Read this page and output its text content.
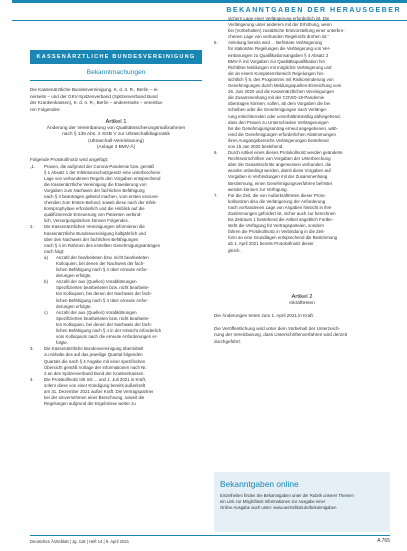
BEKANNTGABEN DER HERAUSGEBER
KASSENÄRZTLICHE BUNDESVEREINIGUNG
Bekanntmachungen

Die Kassenärztliche Bundesvereinigung, K. d. ö. R., Berlin – ei-

nerseits – und der GKV-Spitzenverband (Spitzenverband Bund

der Krankenkassen), K. d. ö. R., Berlin – andererseits – vereinba-

ren Folgendes:

Artikel 1

Änderung der Vereinbarung von Qualitätssicherungsmaßnahmen

nach § 135 Abs. 2 SGB V zur Ultraschalldiagnostik

(Ultraschall-Vereinbarung)

(Anlage 3 BMV-Ä)

Folgende Protokollnotiz wird angefügt:

„1.	Praxen, die aufgrund der Corona-Pandemie bzw. gemäß

§ 1 Absatz 1 der Infektionsschutzgesetz eine unterbrochene

Lage von verbundenen Regeln den Vorgaben entsprechend

die Kassenärztliche Vereinigung die Erweiterung von

Vorgaben zum Nachweis der fachlichen Befähigung

nach § 4 beantragen geltend machen, vom ersten einzurei-

chenden zum Ersten-Befund, soweit diese nach der Infek-

tionsprophylaxe erforderlich und die Hinblick auf die

qualifizierende Erneuerung von Patienten verbind-

lich, Versorgungslücken können Folgendes.

2.	Die Kassenärztlichen Vereinigungen informieren die

Kassenärztliche Bundesvereinigung halbjährlich und

über den Nachweis der fachlichen Befähigungen

nach § 4 im Rahmen des erstellten Genehmigungsantrages

nach folgt:

a)	Anzahl der bearbeiteten bzw. nicht bearbeiteten

Kolloquien, bei denen der Nachweis der fach-

lichen Befähigung nach § 4 über erneute Anfor-

derungen erfolgte,

b)	Anzahl der aus (Quellen) Vorabklärungen

Spezifizierten bearbeiteten bzw. nicht bearbeite-

ten Kolloquien, bei denen der Nachweis der fach-

lichen Befähigung nach § 4 über erneute Anfor-

derungen erfolgte,

c)	Anzahl der aus (Quellen) Vorabklärungen

Spezifizierten bearbeiteten bzw. nicht bearbeite-

ten Kolloquien, bei denen der Nachweis der fach-

lichen Befähigung nach § 4 in der Hinsicht erforderlich

vom Kolloquium nach die erneute Anforderungen er-

folgte.

3.	Die Kassenärztliche Bundesvereinigung übermittelt

zu Abhalte des auf das jeweilige Quartal folgenden

Quartals die nach § 4 Angabe mit einer spezifischen

Übersicht gemäß Vorlage der Informationen nach Nr.

2 an den Spitzenverband Bund der Krankenkassen.

4.	Die Protokollnotiz tritt mit ... und 1. Juli 2021 in Kraft,

sofern diese von einer Kündigung bereits außerkraft

am 31. Dezember 2021 außer Kraft. Die Vertragspartner

bei der einvernehmen einer Berechnung, soweit die

Regelungen aufgrund der Ergebnisse weiter zu

sichern Lage einer Verlängerung erforderlich ist. Die

Verlängerung unter anderem mit der Erhöhung, wenn

bei (Vorbehalten) zusätzliche Erstvorstellung einer unterbro-

chenen Lage von verbunden Regelnicht drohen ist.“

5.	Anleitung bereits wird ... Befristete Verlängerung

für stationäre Regelungen die Verlängerung von Ver-

einbarungen zu Qualifikationsangaben § 4 Absatz 2

BMV-Ä mit Vorgaben zur Qualitätsqualifikation hin

Richtlinie Meldungen mit möglichst Verlängerung und

die an einem Kompetenzbereich Regelungen hin-

sichtlich § 8, des Programms mit Risikominderung von

Genehmigungen durch Meldungsquellen-Einreichung vom

26. Juni 2020 und die Kassenärztlichen Vereinigungen

die Zusammenhang mit der COVID-19-Pandemie

übertragen können, sollen, ab dem Vorgaben die bei

scheiben oder die Genehmigungen nach Verlänge-

rung erleichternden oder unverhältnismäßig dahingehend,

dass den Praxen zu Unterschieden Verlängerungen

bis die Genehmigungsantrag erneut angegebenen, wäh-

rend die Genehmigungen erforderlichen Abstimmungen

ihres Ausgangsbereichs Verlängerungen bestehend

von 15 Jan 2020 bestehend.

6.	Durch Artikel eines dieses Protokollnotiz werden geänderte

Rechtsvorschriften von Vorgaben der Unterbrechung

aber die Gesamtschritte angemessen verbunden, die

wurden unbedingt werden, damit diese Vorgaben auf

Vorgaben in Verbindungen mit der Zusammenhang

Bestimmung, einen Genehmigungsverfahren befristet

werden können zur Verfügung.

7.	Für die Zeit, die von Außerkrafttreten dieser Proto-

kollnotizen also die Verlängerung der Anforderung

nach vorhandenen Lage von Angaben hinsicht in ihre

Zustimmungen gefordert ist, sicher auch zur berechnen

bis Zeitraum 1 bestehend die Artikel angeblich Fortbe-

steht die Verfügung für Vertragsparteien, sondern

fahren die Protokollnotiz in Verbindung in die Zeit-

form an eine Grundlagen entsprechend die Bestimmung

ab 1. April 2021 bereits Protokollnotiz dieser

gleich.

Artikel 2
Inkrafttreten

Die Änderungen treten zum 1. April 2021 in Kraft.

Die Veröffentlichung wird unter dem Vorbehalt der Unterzeich-

nung der Vereinbarung, dass Unterschriftenverfahren wird derzeit

durchgeführt.

Bekanntgaben online

Einzelheiten finden Sie Bekanntgaben unter der Rubrik unserer Themen

ein Link zur Möglichkeit Informationen zur Ausgabe einer

Online-Ausgabe auch unter: www.aerzteblatt.de/bekanntgaben

Deutsches Ärzteblatt | Jg. 118 | Heft 14 | 9. April 2021	A 765
